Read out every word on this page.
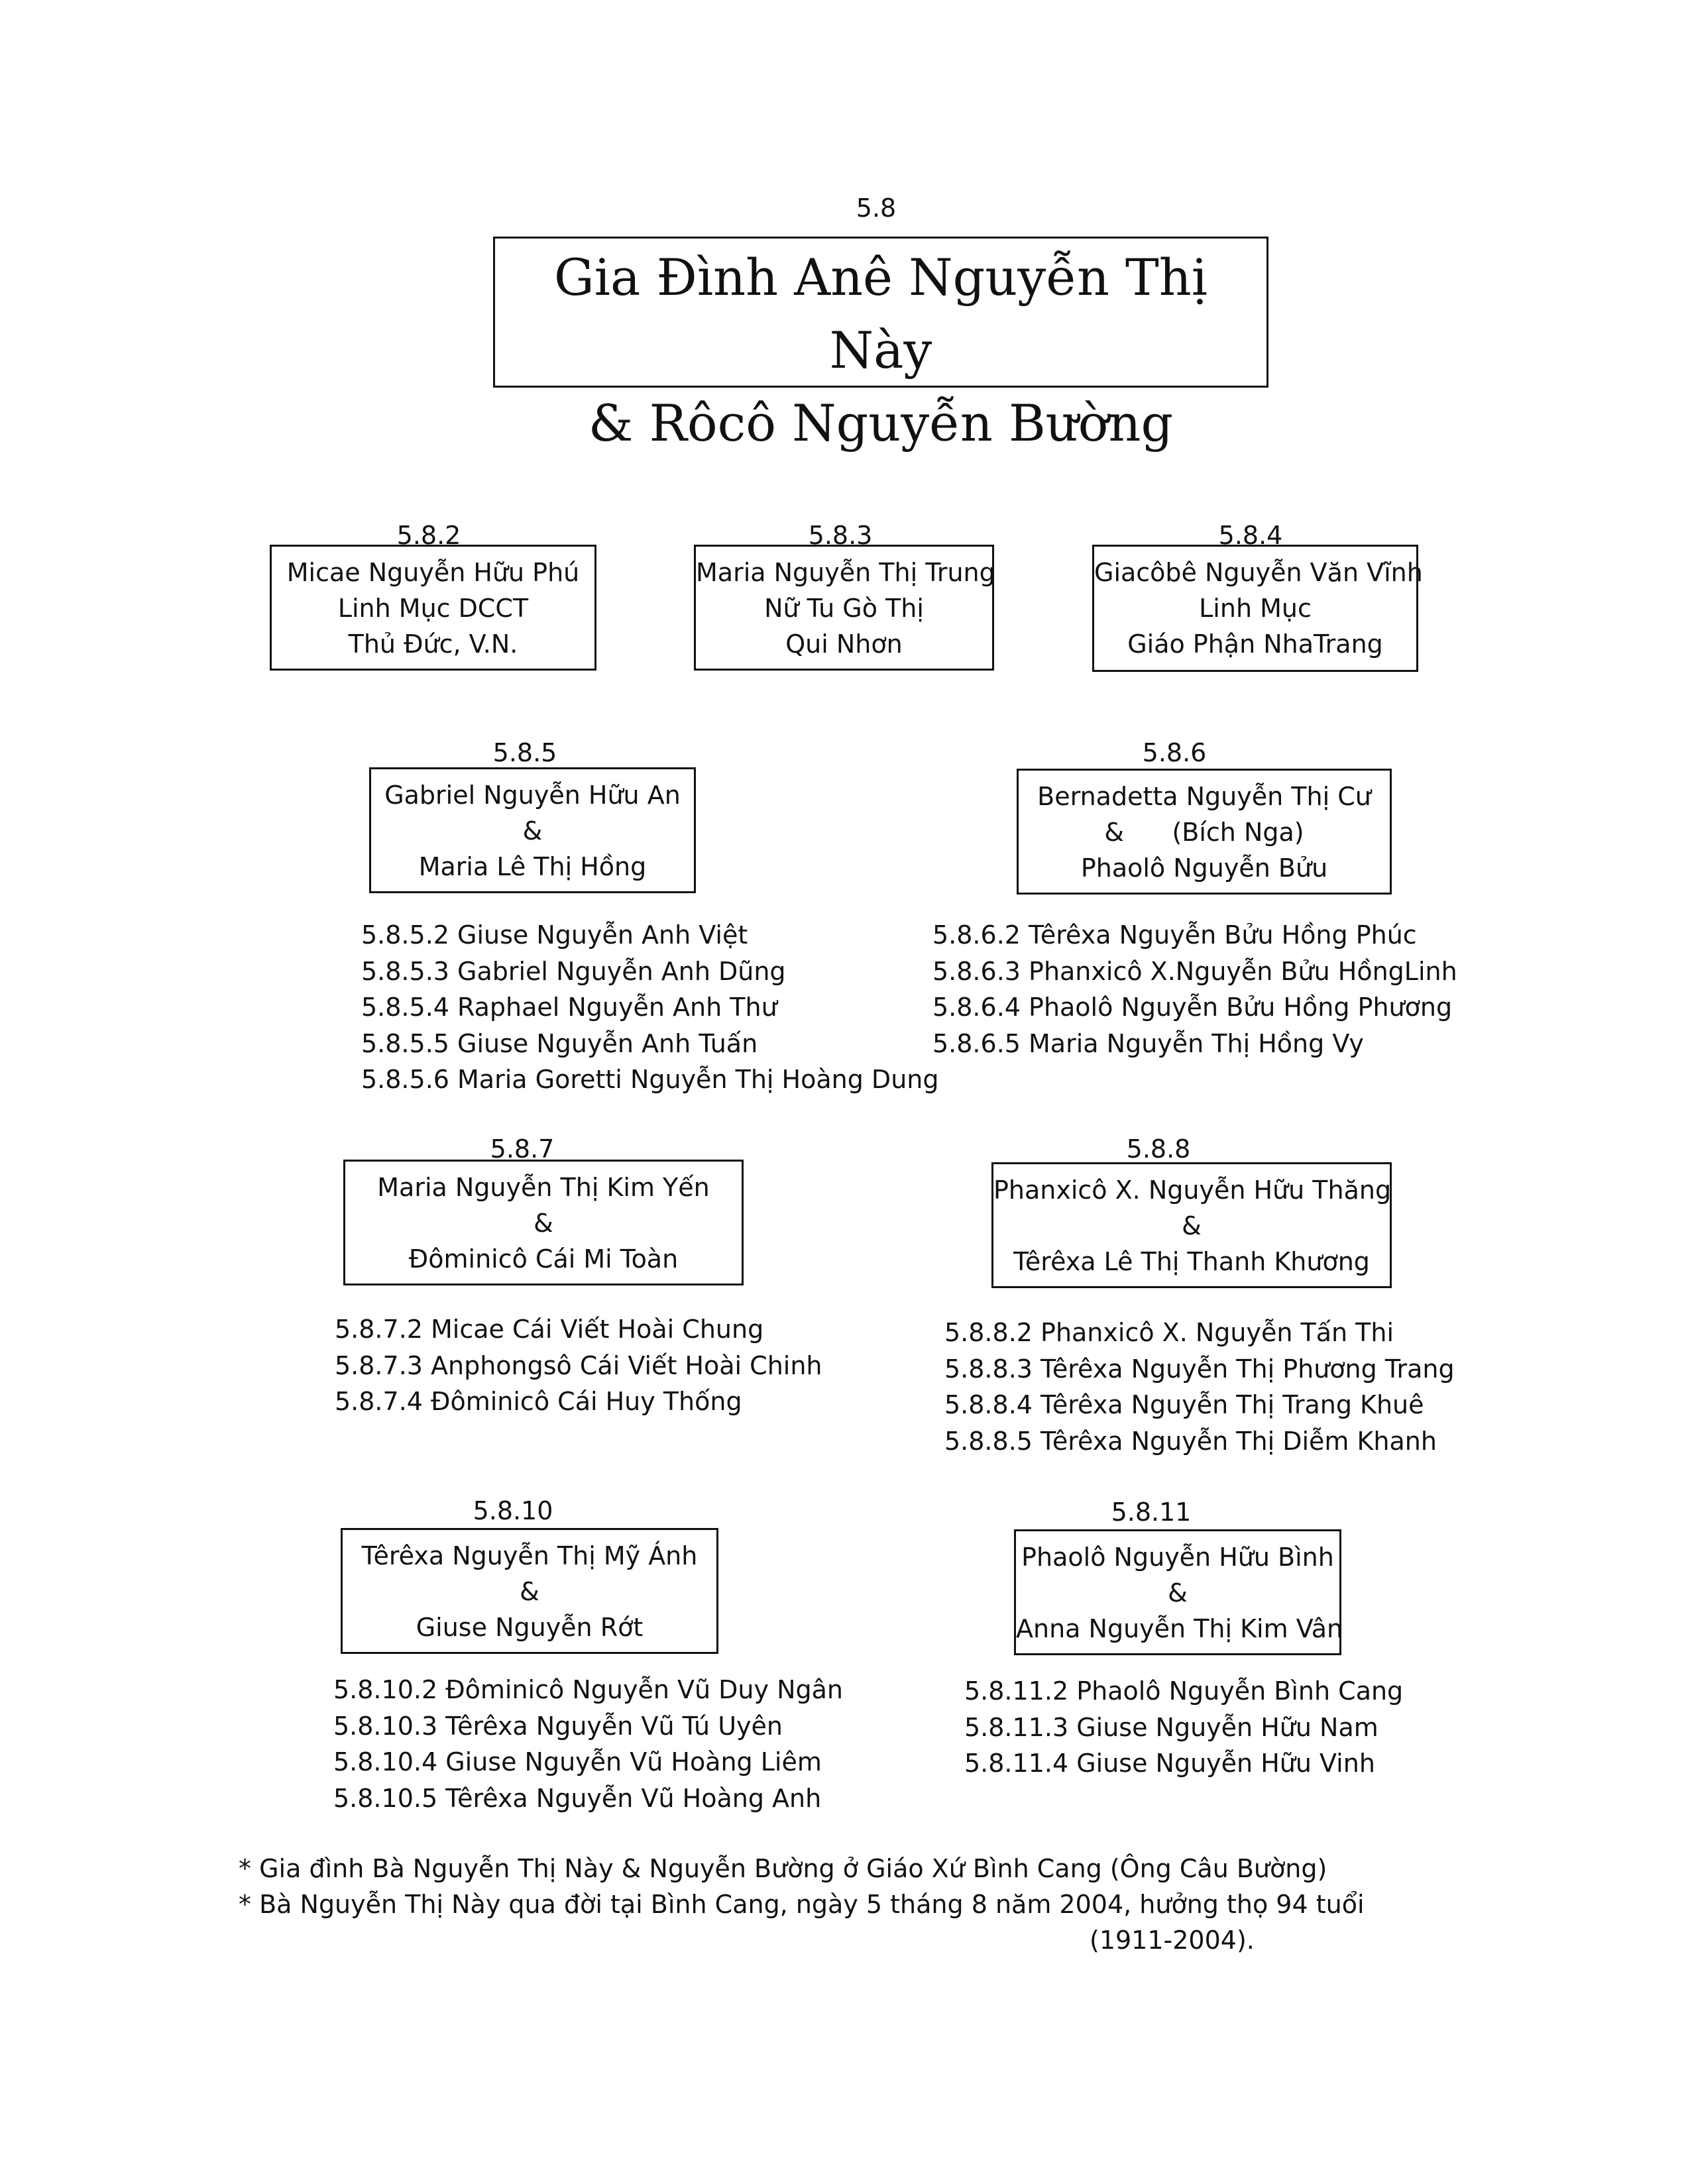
5.8
Gia Đình Anê Nguyễn Thị Này
& Rôcô Nguyễn Bường
5.8.2
Micae Nguyễn Hữu Phú
Linh Mục DCCT
Thủ Đức, V.N.
5.8.3
Maria Nguyễn Thị Trung
Nữ Tu Gò Thị
Qui Nhơn
5.8.4
Giacôbê Nguyễn Văn Vĩnh
Linh Mục
Giáo Phận NhaTrang
5.8.5
Gabriel Nguyễn Hữu An
&
Maria Lê Thị Hồng
5.8.5.2 Giuse Nguyễn Anh Việt
5.8.5.3 Gabriel Nguyễn Anh Dũng
5.8.5.4 Raphael Nguyễn Anh Thư
5.8.5.5 Giuse Nguyễn Anh Tuấn
5.8.5.6 Maria Goretti Nguyễn Thị Hoàng Dung
5.8.6
Bernadetta Nguyễn Thị Cư
&      (Bích Nga)
Phaolô Nguyễn Bửu
5.8.6.2 Têrêxa Nguyễn Bửu Hồng Phúc
5.8.6.3 Phanxicô X.Nguyễn Bửu HồngLinh
5.8.6.4 Phaolô Nguyễn Bửu Hồng Phương
5.8.6.5 Maria Nguyễn Thị Hồng Vy
5.8.7
Maria Nguyễn Thị Kim Yến
&
Đôminicô Cái Mi Toàn
5.8.7.2 Micae Cái Viết Hoài Chung
5.8.7.3 Anphongsô Cái Viết Hoài Chinh
5.8.7.4 Đôminicô Cái Huy Thống
5.8.8
Phanxicô X. Nguyễn Hữu Thăng
&
Têrêxa Lê Thị Thanh Khương
5.8.8.2 Phanxicô X. Nguyễn Tấn Thi
5.8.8.3 Têrêxa Nguyễn Thị Phương Trang
5.8.8.4 Têrêxa Nguyễn Thị Trang Khuê
5.8.8.5 Têrêxa Nguyễn Thị Diễm Khanh
5.8.10
Têrêxa Nguyễn Thị Mỹ Ánh
&
Giuse Nguyễn Rớt
5.8.10.2 Đôminicô Nguyễn Vũ Duy Ngân
5.8.10.3 Têrêxa Nguyễn Vũ Tú Uyên
5.8.10.4 Giuse Nguyễn Vũ Hoàng Liêm
5.8.10.5 Têrêxa Nguyễn Vũ Hoàng Anh
5.8.11
Phaolô Nguyễn Hữu Bình
&
Anna Nguyễn Thị Kim Vân
5.8.11.2 Phaolô Nguyễn Bình Cang
5.8.11.3 Giuse Nguyễn Hữu Nam
5.8.11.4 Giuse Nguyễn Hữu Vinh
* Gia đình Bà Nguyễn Thị Này & Nguyễn Bường ở Giáo Xứ Bình Cang (Ông Câu Bường)
* Bà Nguyễn Thị Này qua đời tại Bình Cang, ngày 5 tháng 8 năm 2004, hưởng thọ 94 tuổi
(1911-2004).
